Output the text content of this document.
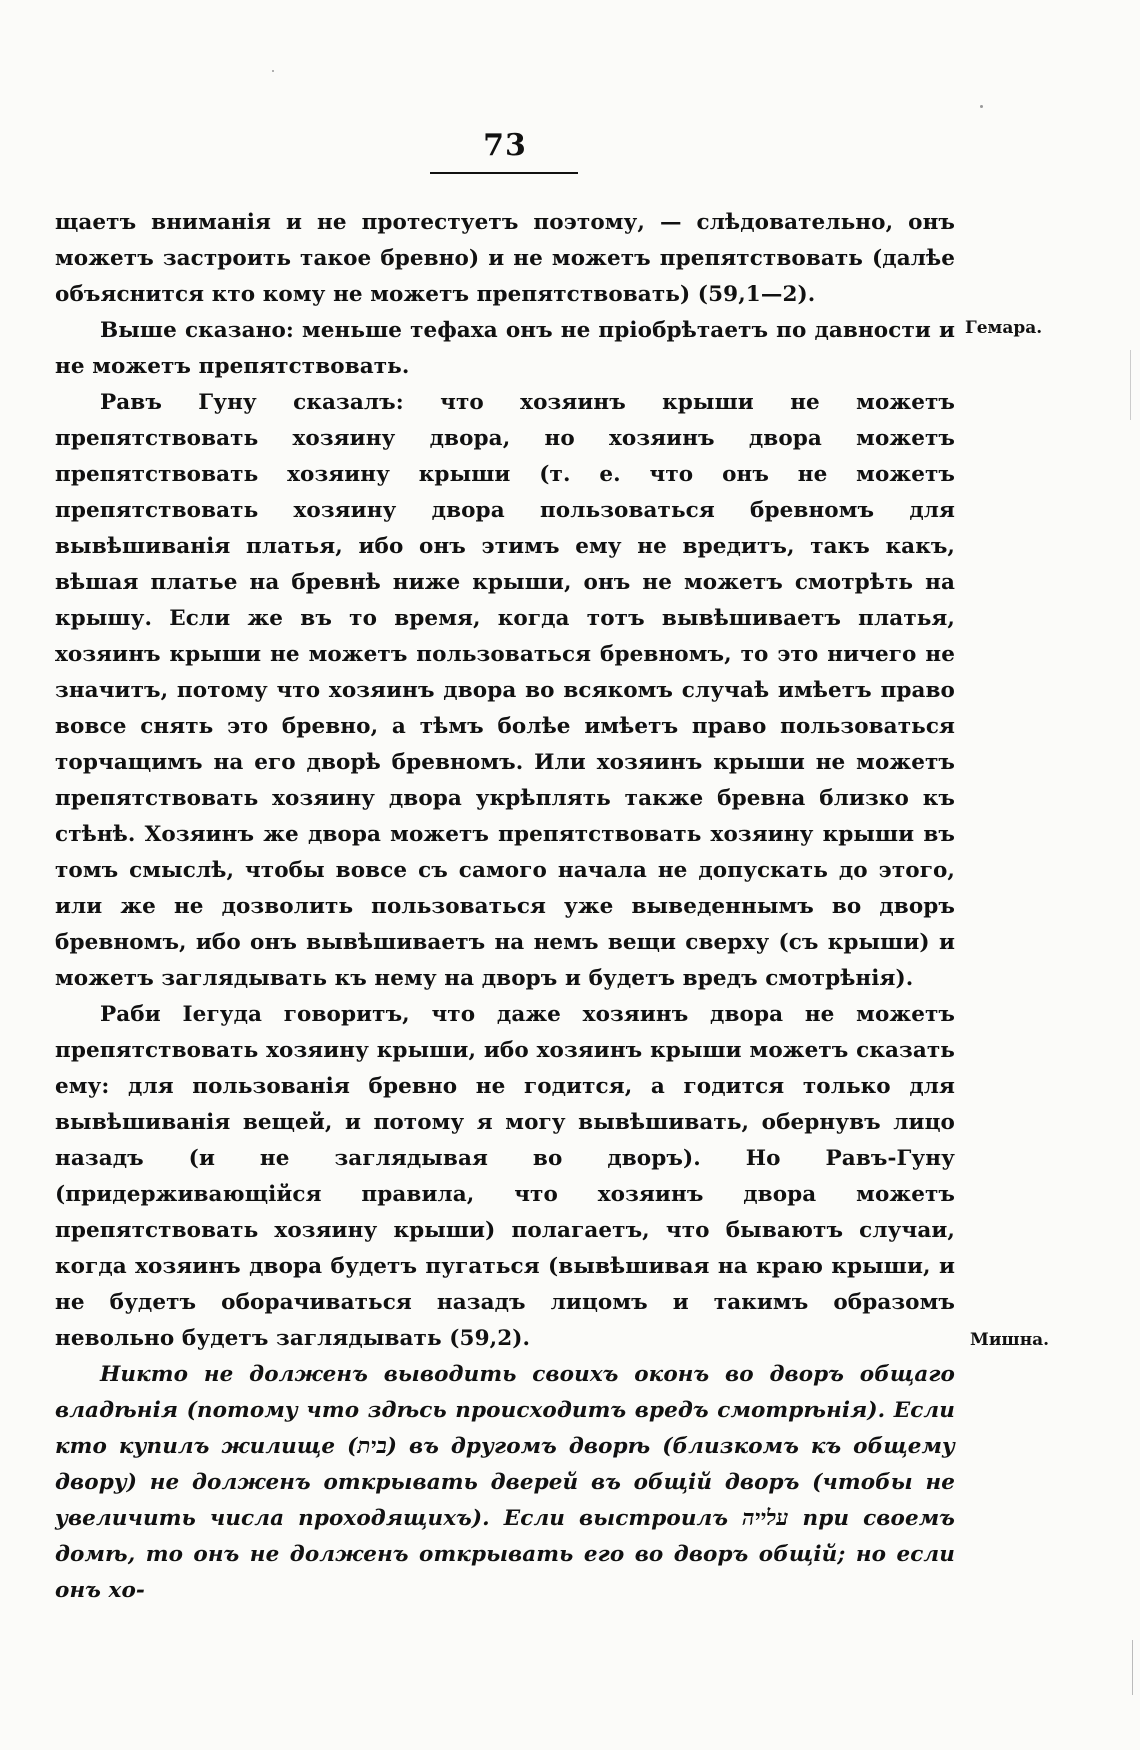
73
Гемара.
Мишна.

щаетъ вниманія и не протестуетъ поэтому, — слѣдовательно, онъ можетъ застроить такое бревно) и не можетъ препятствовать (далѣе объяснится кто кому не можетъ препятствовать) (59,1—2).

Выше сказано: меньше тефаха онъ не пріобрѣтаетъ по давности и не можетъ препятствовать.

Равъ Гуну сказалъ: что хозяинъ крыши не можетъ препятствовать хозяину двора, но хозяинъ двора можетъ препятствовать хозяину крыши (т. е. что онъ не можетъ препятствовать хозяину двора пользоваться бревномъ для вывѣшиванія платья, ибо онъ этимъ ему не вредитъ, такъ какъ, вѣшая платье на бревнѣ ниже крыши, онъ не можетъ смотрѣть на крышу. Если же въ то время, когда тотъ вывѣшиваетъ платья, хозяинъ крыши не можетъ пользоваться бревномъ, то это ничего не значитъ, потому что хозяинъ двора во всякомъ случаѣ имѣетъ право вовсе снять это бревно, а тѣмъ болѣе имѣетъ право пользоваться торчащимъ на его дворѣ бревномъ. Или хозяинъ крыши не можетъ препятствовать хозяину двора укрѣплять также бревна близко къ стѣнѣ. Хозяинъ же двора можетъ препятствовать хозяину крыши въ томъ смыслѣ, чтобы вовсе съ самого начала не допускать до этого, или же не дозволить пользоваться уже выведеннымъ во дворъ бревномъ, ибо онъ вывѣшиваетъ на немъ вещи сверху (съ крыши) и можетъ заглядывать къ нему на дворъ и будетъ вредъ смотрѣнія).

Раби Іегуда говоритъ, что даже хозяинъ двора не можетъ препятствовать хозяину крыши, ибо хозяинъ крыши можетъ сказать ему: для пользованія бревно не годится, а годится только для вывѣшиванія вещей, и потому я могу вывѣшивать, обернувъ лицо назадъ (и не заглядывая во дворъ). Но Равъ-Гуну (придерживающійся правила, что хозяинъ двора можетъ препятствовать хозяину крыши) полагаетъ, что бываютъ случаи, когда хозяинъ двора будетъ пугаться (вывѣшивая на краю крыши, и не будетъ оборачиваться назадъ лицомъ и такимъ образомъ невольно будетъ заглядывать (59,2).

Никто не долженъ выводить своихъ оконъ во дворъ общаго владѣнія (потому что здѣсь происходитъ вредъ смотрѣнія). Если кто купилъ жилище (בית) въ другомъ дворѣ (близкомъ къ общему двору) не долженъ открывать дверей въ общій дворъ (чтобы не увеличить числа проходящихъ). Если выстроилъ עלייה при своемъ домѣ, то онъ не долженъ открывать его во дворъ общій; но если онъ хо-
